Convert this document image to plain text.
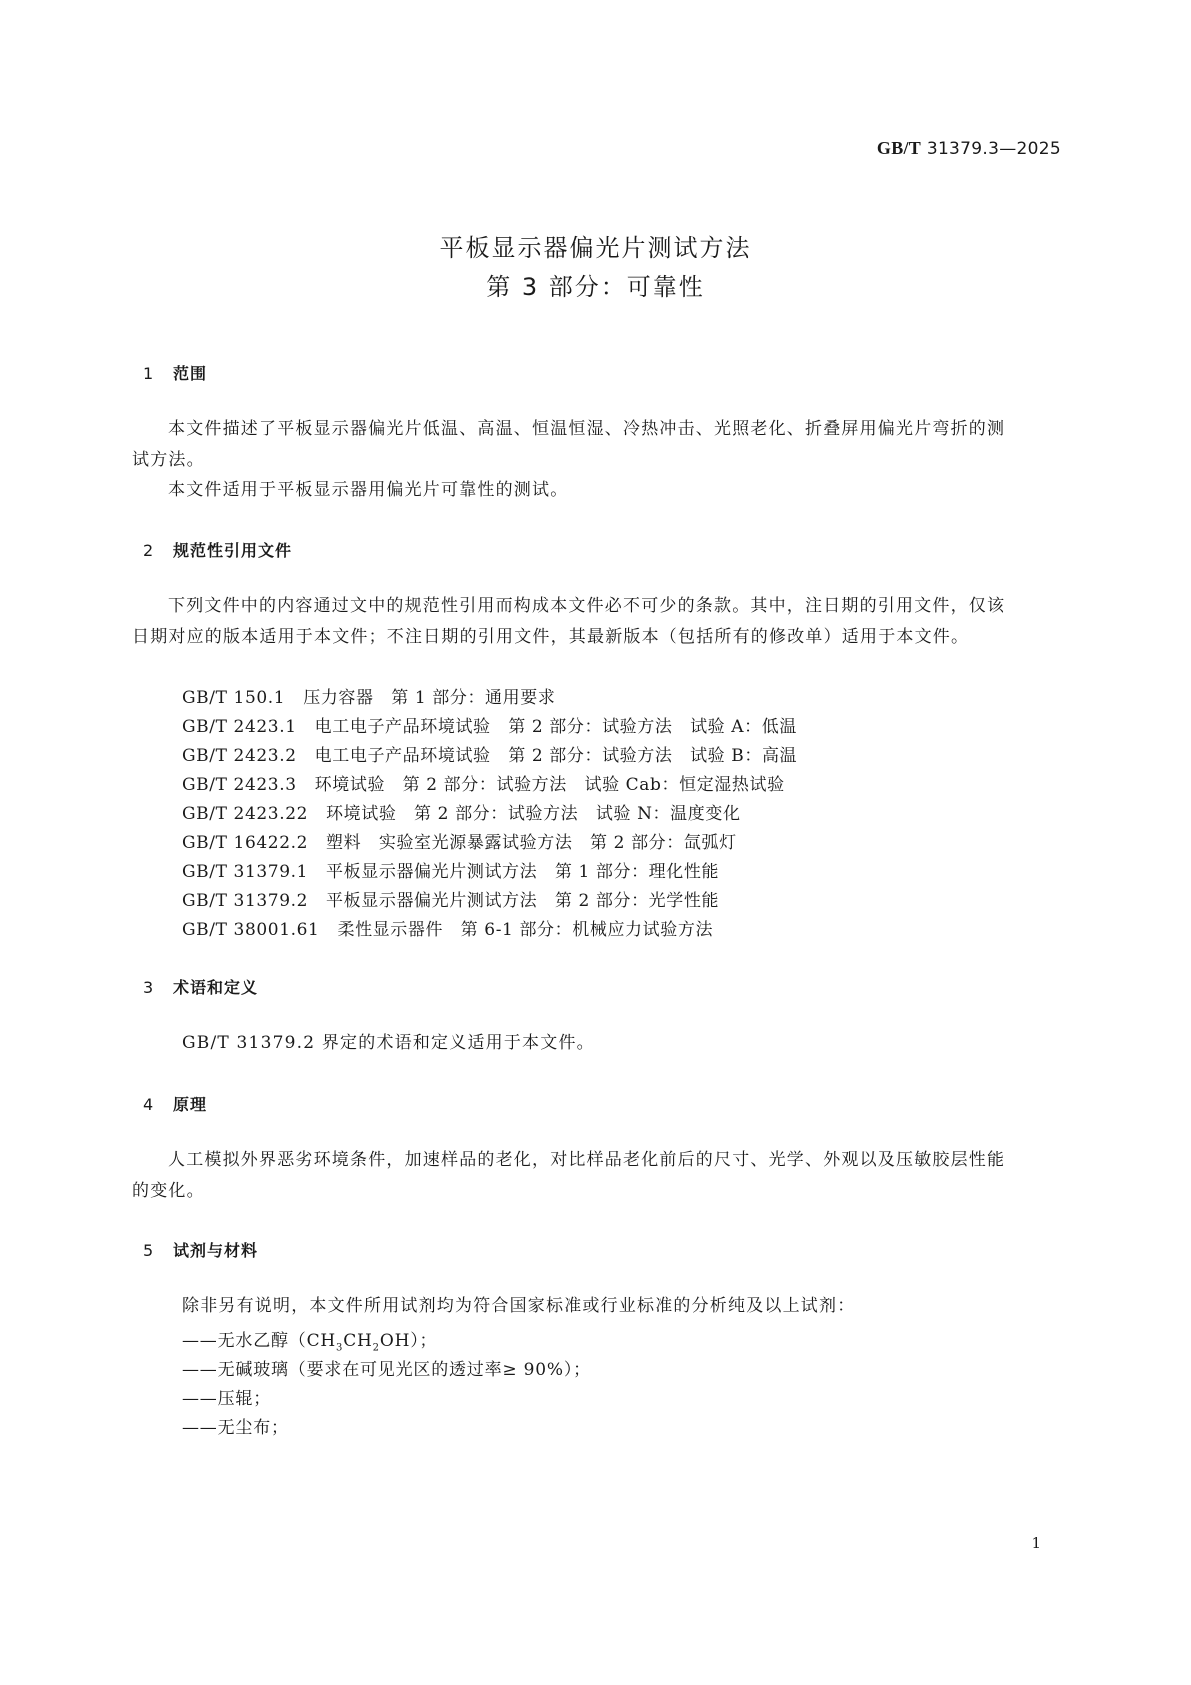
GB/T 31379.3—2025
平板显示器偏光片测试方法
第 3 部分：可靠性
1 范围
本文件描述了平板显示器偏光片低温、高温、恒温恒湿、冷热冲击、光照老化、折叠屏用偏光片弯折的测试方法。
本文件适用于平板显示器用偏光片可靠性的测试。
2 规范性引用文件
下列文件中的内容通过文中的规范性引用而构成本文件必不可少的条款。其中，注日期的引用文件，仅该日期对应的版本适用于本文件；不注日期的引用文件，其最新版本（包括所有的修改单）适用于本文件。
GB/T 150.1 压力容器　第 1 部分：通用要求
GB/T 2423.1 电工电子产品环境试验　第 2 部分：试验方法　试验 A：低温
GB/T 2423.2 电工电子产品环境试验　第 2 部分：试验方法　试验 B：高温
GB/T 2423.3 环境试验　第 2 部分：试验方法　试验 Cab：恒定湿热试验
GB/T 2423.22 环境试验　第 2 部分：试验方法　试验 N：温度变化
GB/T 16422.2 塑料　实验室光源暴露试验方法　第 2 部分：氙弧灯
GB/T 31379.1 平板显示器偏光片测试方法　第 1 部分：理化性能
GB/T 31379.2 平板显示器偏光片测试方法　第 2 部分：光学性能
GB/T 38001.61 柔性显示器件　第 6-1 部分：机械应力试验方法
3 术语和定义
GB/T 31379.2 界定的术语和定义适用于本文件。
4 原理
人工模拟外界恶劣环境条件，加速样品的老化，对比样品老化前后的尺寸、光学、外观以及压敏胶层性能的变化。
5 试剂与材料
除非另有说明，本文件所用试剂均为符合国家标准或行业标准的分析纯及以上试剂：
——无水乙醇$(CH_3CH_2OH)$；
——无碱玻璃（要求在可见光区的透过率≥ 90%）；
——压辊；
——无尘布；
1
